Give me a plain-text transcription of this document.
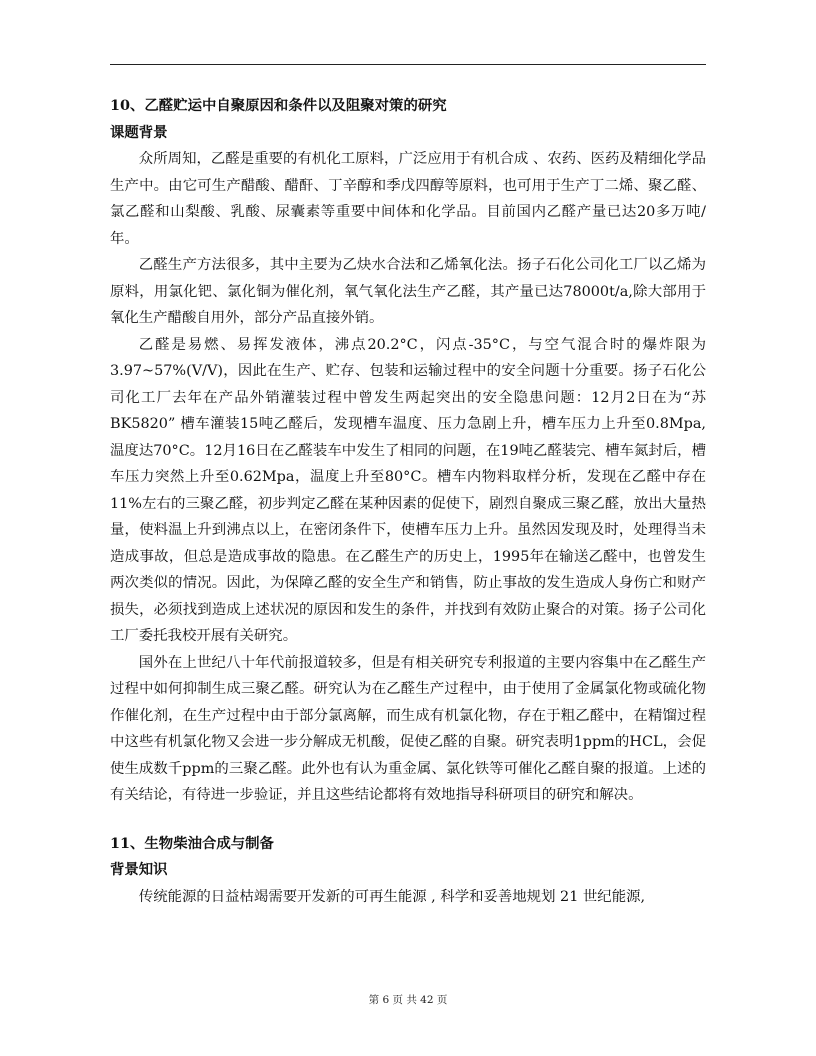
10、乙醛贮运中自聚原因和条件以及阻聚对策的研究

课题背景

众所周知，乙醛是重要的有机化工原料，广泛应用于有机合成 、农药、医药及精细化学品生产中。由它可生产醋酸、醋酐、丁辛醇和季戊四醇等原料，也可用于生产丁二烯、聚乙醛、氯乙醛和山梨酸、乳酸、尿囊素等重要中间体和化学品。目前国内乙醛产量已达20多万吨/年。

乙醛生产方法很多，其中主要为乙炔水合法和乙烯氧化法。扬子石化公司化工厂以乙烯为原料，用氯化钯、氯化铜为催化剂，氧气氧化法生产乙醛，其产量已达78000t/a,除大部用于氧化生产醋酸自用外，部分产品直接外销。

乙醛是易燃、易挥发液体，沸点20.2°C，闪点-35°C，与空气混合时的爆炸限为3.97~57%(V/V)，因此在生产、贮存、包装和运输过程中的安全问题十分重要。扬子石化公司化工厂去年在产品外销灌装过程中曾发生两起突出的安全隐患问题：12月2日在为“苏BK5820” 槽车灌装15吨乙醛后，发现槽车温度、压力急剧上升，槽车压力上升至0.8Mpa, 温度达70°C。12月16日在乙醛装车中发生了相同的问题，在19吨乙醛装完、槽车氮封后，槽车压力突然上升至0.62Mpa，温度上升至80°C。槽车内物料取样分析，发现在乙醛中存在11%左右的三聚乙醛，初步判定乙醛在某种因素的促使下，剧烈自聚成三聚乙醛，放出大量热量，使料温上升到沸点以上，在密闭条件下，使槽车压力上升。虽然因发现及时，处理得当未造成事故，但总是造成事故的隐患。在乙醛生产的历史上，1995年在输送乙醛中，也曾发生两次类似的情况。因此，为保障乙醛的安全生产和销售，防止事故的发生造成人身伤亡和财产损失，必须找到造成上述状况的原因和发生的条件，并找到有效防止聚合的对策。扬子公司化工厂委托我校开展有关研究。

国外在上世纪八十年代前报道较多，但是有相关研究专利报道的主要内容集中在乙醛生产过程中如何抑制生成三聚乙醛。研究认为在乙醛生产过程中，由于使用了金属氯化物或硫化物作催化剂，在生产过程中由于部分氯离解，而生成有机氯化物，存在于粗乙醛中，在精馏过程中这些有机氯化物又会进一步分解成无机酸，促使乙醛的自聚。研究表明1ppm的HCL，会促使生成数千ppm的三聚乙醛。此外也有认为重金属、氯化铁等可催化乙醛自聚的报道。上述的有关结论，有待进一步验证，并且这些结论都将有效地指导科研项目的研究和解决。

11、生物柴油合成与制备

背景知识

传统能源的日益枯竭需要开发新的可再生能源 , 科学和妥善地规划 21 世纪能源,

第 6 页 共 42 页
